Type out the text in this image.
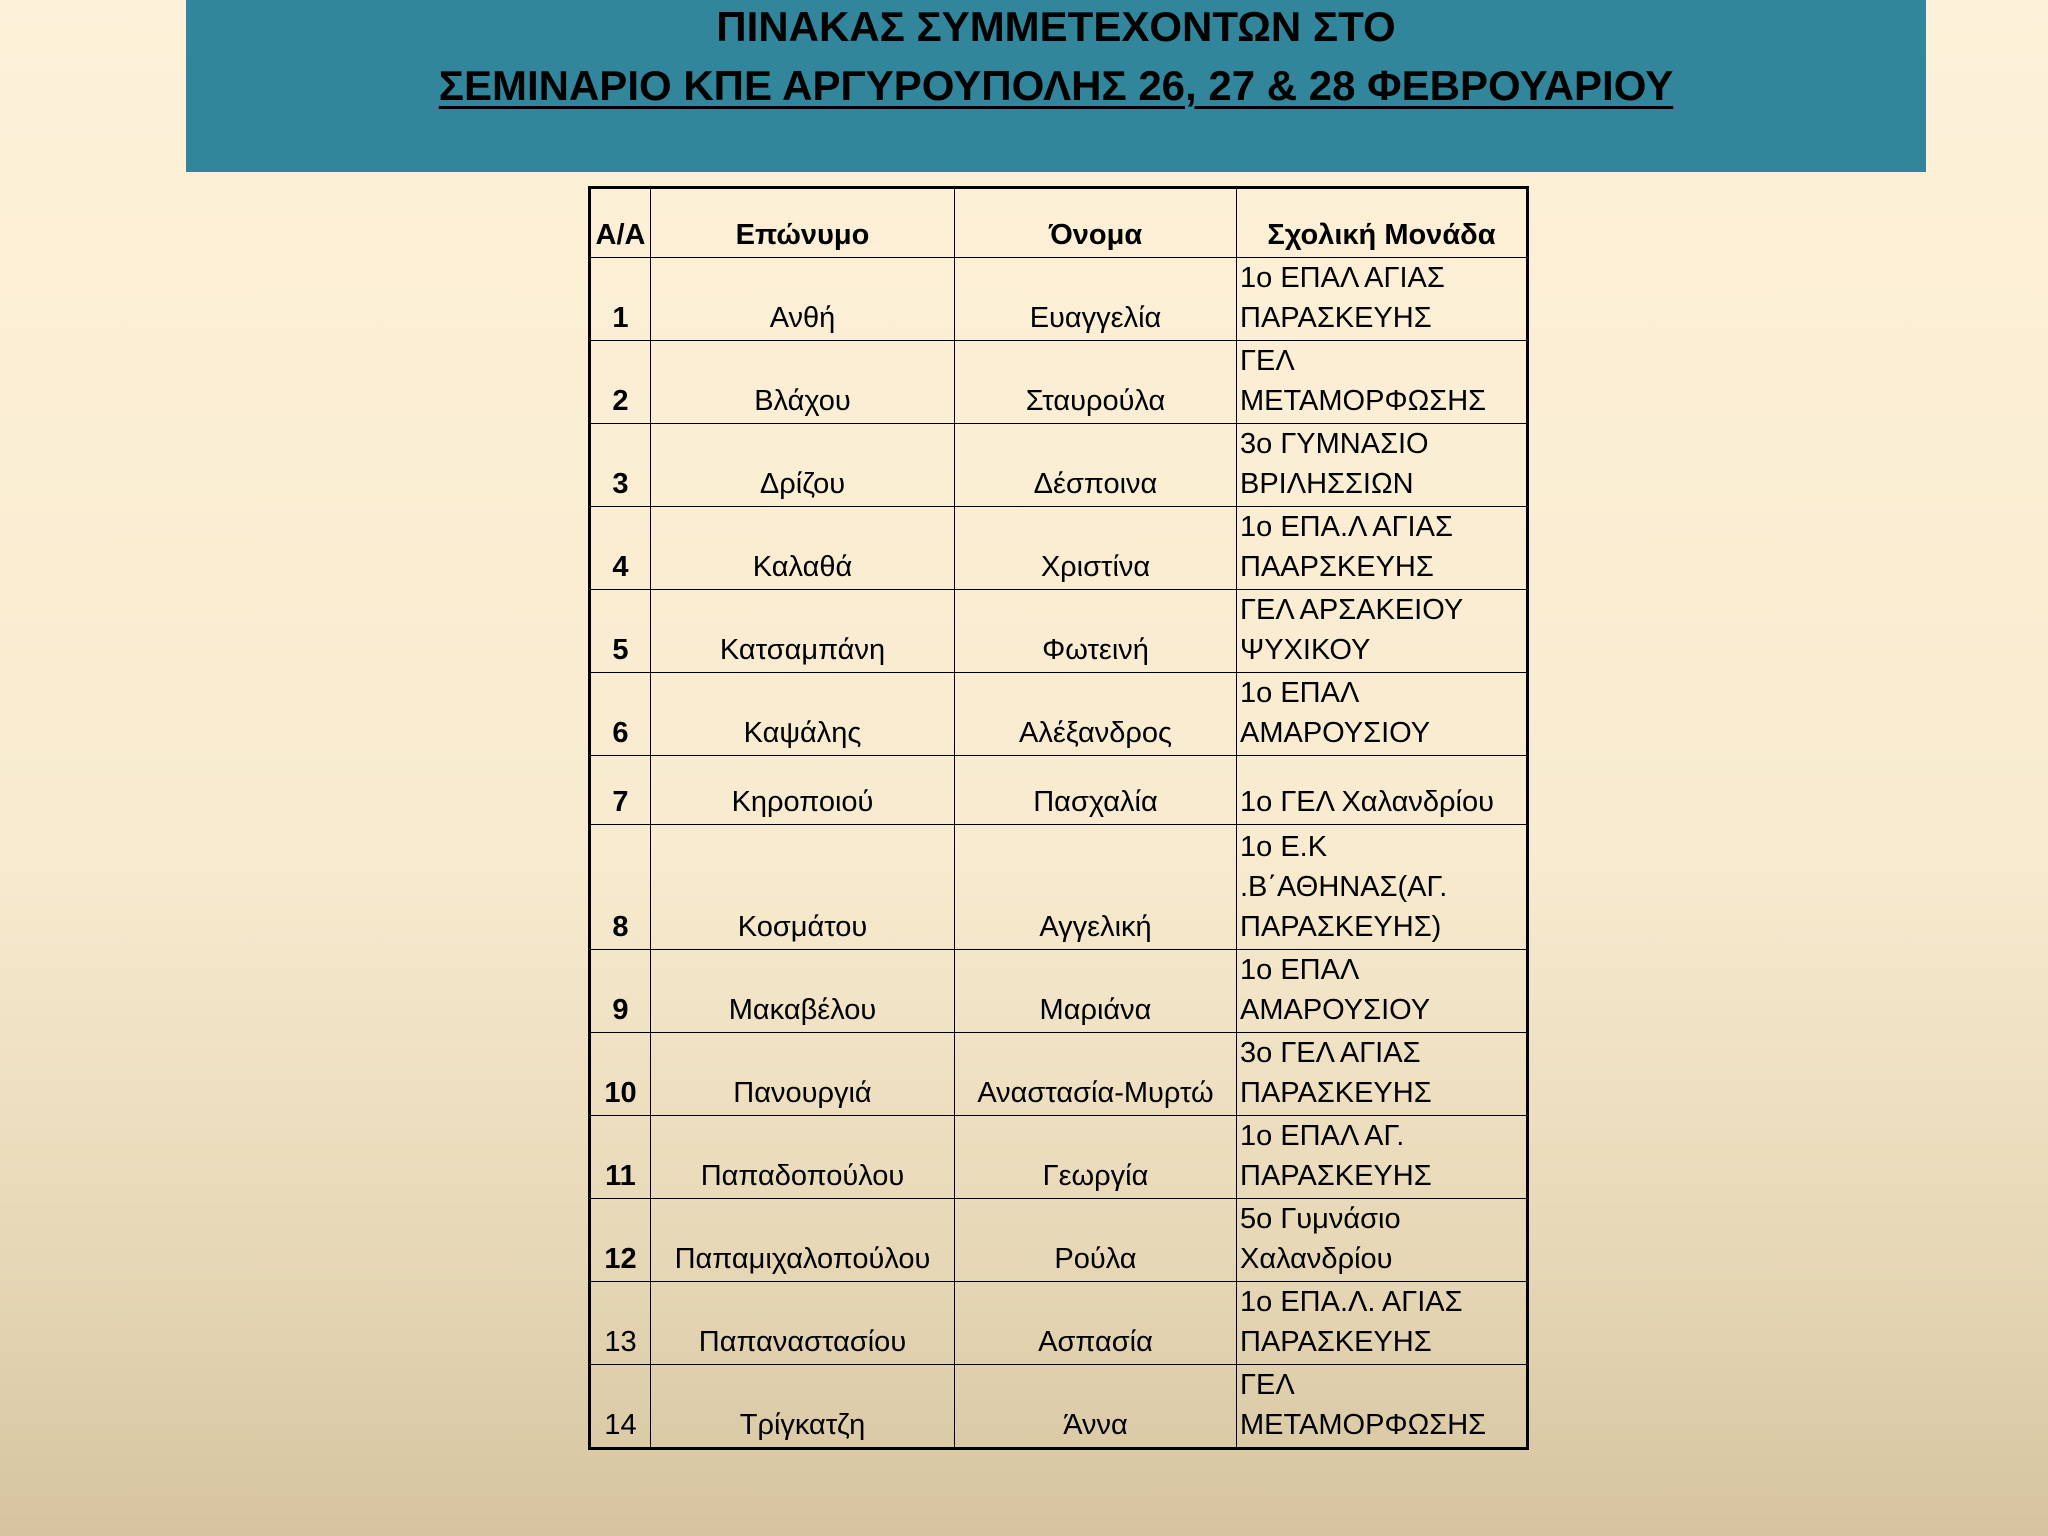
ΠΙΝΑΚΑΣ ΣΥΜΜΕΤΕΧΟΝΤΩΝ ΣΤΟ
ΣΕΜΙΝΑΡΙΟ ΚΠΕ ΑΡΓΥΡΟΥΠΟΛΗΣ 26, 27 & 28 ΦΕΒΡΟΥΑΡΙΟΥ
Α/Α	Επώνυμο	Όνομα	Σχολική Μονάδα
1	Ανθή	Ευαγγελία	1ο ΕΠΑΛ ΑΓΙΑΣ ΠΑΡΑΣΚΕΥΗΣ
2	Βλάχου	Σταυρούλα	ΓΕΛ ΜΕΤΑΜΟΡΦΩΣΗΣ
3	Δρίζου	Δέσποινα	3ο ΓΥΜΝΑΣΙΟ ΒΡΙΛΗΣΣΙΩΝ
4	Καλαθά	Χριστίνα	1ο ΕΠΑ.Λ ΑΓΙΑΣ ΠΑΑΡΣΚΕΥΗΣ
5	Κατσαμπάνη	Φωτεινή	ΓΕΛ ΑΡΣΑΚΕΙΟΥ ΨΥΧΙΚΟΥ
6	Καψάλης	Αλέξανδρος	1ο ΕΠΑΛ ΑΜΑΡΟΥΣΙΟΥ
7	Κηροποιού	Πασχαλία	1ο ΓΕΛ Χαλανδρίου
8	Κοσμάτου	Αγγελική	1ο Ε.Κ .Β΄ΑΘΗΝΑΣ(ΑΓ. ΠΑΡΑΣΚΕΥΗΣ)
9	Μακαβέλου	Μαριάνα	1ο ΕΠΑΛ ΑΜΑΡΟΥΣΙΟΥ
10	Πανουργιά	Αναστασία-Μυρτώ	3ο ΓΕΛ ΑΓΙΑΣ ΠΑΡΑΣΚΕΥΗΣ
11	Παπαδοπούλου	Γεωργία	1ο ΕΠΑΛ ΑΓ. ΠΑΡΑΣΚΕΥΗΣ
12	Παπαμιχαλοπούλου	Ρούλα	5ο Γυμνάσιο Χαλανδρίου
13	Παπαναστασίου	Ασπασία	1ο ΕΠΑ.Λ. ΑΓΙΑΣ ΠΑΡΑΣΚΕΥΗΣ
14	Τρίγκατζη	Άννα	ΓΕΛ ΜΕΤΑΜΟΡΦΩΣΗΣ
